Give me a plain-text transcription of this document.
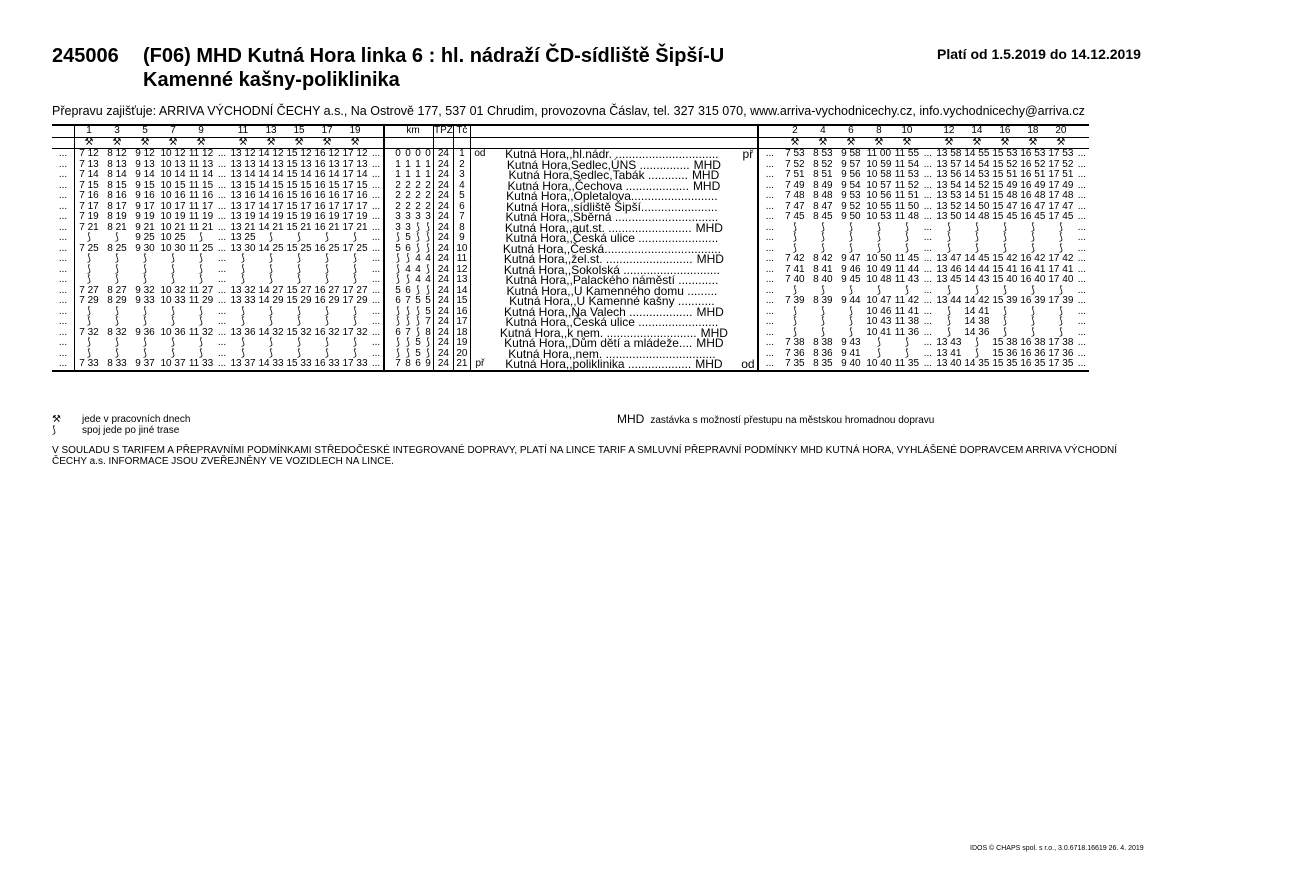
245006 (F06) MHD Kutná Hora linka 6 : hl. nádraží ČD-sídliště Šipší-U Kamenné kašny-poliklinika
Platí od 1.5.2019 do 14.12.2019
Přepravu zajišťuje: ARRIVA VÝCHODNÍ ČECHY a.s., Na Ostrově 177, 537 01 Chrudim, provozovna Čáslav, tel. 327 315 070, www.arriva-vychodnicechy.cz, info.vychodnicechy@arriva.cz
	1	3	5	7	9		11	13	15	17	19			km				TPZ	Tč					2	4	6	8	10		12	14	16	18	20	
	⚒	⚒	⚒	⚒	⚒		⚒	⚒	⚒	⚒	⚒													⚒	⚒	⚒	⚒	⚒		⚒	⚒	⚒	⚒	⚒	
...	7 12	8 12	9 12	10 12	11 12	...	13 12	14 12	15 12	16 12	17 12	...		0	0	0	0	24	1	od	Kutná Hora,,hl.nádr. ...............................	př	...	7 53	8 53	9 58	11 00	11 55	...	13 58	14 55	15 53	16 53	17 53	...
...	7 13	8 13	9 13	10 13	11 13	...	13 13	14 13	15 13	16 13	17 13	...		1	1	1	1	24	2		Kutná Hora,Sedlec,ÚNS ............... MHD		...	7 52	8 52	9 57	10 59	11 54	...	13 57	14 54	15 52	16 52	17 52	...
...	7 14	8 14	9 14	10 14	11 14	...	13 14	14 14	15 14	16 14	17 14	...		1	1	1	1	24	3		Kutná Hora,Sedlec,Tabák ............ MHD		...	7 51	8 51	9 56	10 58	11 53	...	13 56	14 53	15 51	16 51	17 51	...
...	7 15	8 15	9 15	10 15	11 15	...	13 15	14 15	15 15	16 15	17 15	...		2	2	2	2	24	4		Kutná Hora,,Čechova ................... MHD		...	7 49	8 49	9 54	10 57	11 52	...	13 54	14 52	15 49	16 49	17 49	...
...	7 16	8 16	9 16	10 16	11 16	...	13 16	14 16	15 16	16 16	17 16	...		2	2	2	2	24	5		Kutná Hora,,Opletalova..........................		...	7 48	8 48	9 53	10 56	11 51	...	13 53	14 51	15 48	16 48	17 48	...
...	7 17	8 17	9 17	10 17	11 17	...	13 17	14 17	15 17	16 17	17 17	...		2	2	2	2	24	6		Kutná Hora,,sídliště Šipší.......................		...	7 47	8 47	9 52	10 55	11 50	...	13 52	14 50	15 47	16 47	17 47	...
...	7 19	8 19	9 19	10 19	11 19	...	13 19	14 19	15 19	16 19	17 19	...		3	3	3	3	24	7		Kutná Hora,,Sběrná ...............................		...	7 45	8 45	9 50	10 53	11 48	...	13 50	14 48	15 45	16 45	17 45	...
...	7 21	8 21	9 21	10 21	11 21	...	13 21	14 21	15 21	16 21	17 21	...		3	3	⟆	⟆	24	8		Kutná Hora,,aut.st. ......................... MHD		...	⟆	⟆	⟆	⟆	⟆	...	⟆	⟆	⟆	⟆	⟆	...
...	⟆	⟆	9 25	10 25	⟆	...	13 25	⟆	⟆	⟆	⟆	...		⟆	5	⟆	⟆	24	9		Kutná Hora,,Česká ulice ........................		...	⟆	⟆	⟆	⟆	⟆	...	⟆	⟆	⟆	⟆	⟆	...
...	7 25	8 25	9 30	10 30	11 25	...	13 30	14 25	15 25	16 25	17 25	...		5	6	⟆	⟆	24	10		Kutná Hora,,Česká...................................		...	⟆	⟆	⟆	⟆	⟆	...	⟆	⟆	⟆	⟆	⟆	...
...	⟆	⟆	⟆	⟆	⟆	...	⟆	⟆	⟆	⟆	⟆	...		⟆	⟆	4	4	24	11		Kutná Hora,,žel.st. .......................... MHD		...	7 42	8 42	9 47	10 50	11 45	...	13 47	14 45	15 42	16 42	17 42	...
...	⟆	⟆	⟆	⟆	⟆	...	⟆	⟆	⟆	⟆	⟆	...		⟆	4	4	⟆	24	12		Kutná Hora,,Sokolská .............................		...	7 41	8 41	9 46	10 49	11 44	...	13 46	14 44	15 41	16 41	17 41	...
...	⟆	⟆	⟆	⟆	⟆	...	⟆	⟆	⟆	⟆	⟆	...		⟆	⟆	4	4	24	13		Kutná Hora,,Palackého náměstí ............		...	7 40	8 40	9 45	10 48	11 43	...	13 45	14 43	15 40	16 40	17 40	...
...	7 27	8 27	9 32	10 32	11 27	...	13 32	14 27	15 27	16 27	17 27	...		5	6	⟆	⟆	24	14		Kutná Hora,,U Kamenného domu .........		...	⟆	⟆	⟆	⟆	⟆	...	⟆	⟆	⟆	⟆	⟆	...
...	7 29	8 29	9 33	10 33	11 29	...	13 33	14 29	15 29	16 29	17 29	...		6	7	5	5	24	15		Kutná Hora,,U Kamenné kašny ...........		...	7 39	8 39	9 44	10 47	11 42	...	13 44	14 42	15 39	16 39	17 39	...
...	⟆	⟆	⟆	⟆	⟆	...	⟆	⟆	⟆	⟆	⟆	...		⟆	⟆	⟆	5	24	16		Kutná Hora,,Na Valech ................... MHD		...	⟆	⟆	⟆	10 46	11 41	...	⟆	14 41	⟆	⟆	⟆	...
...	⟆	⟆	⟆	⟆	⟆	...	⟆	⟆	⟆	⟆	⟆	...		⟆	⟆	⟆	7	24	17		Kutná Hora,,Česká ulice ........................		...	⟆	⟆	⟆	10 43	11 38	...	⟆	14 38	⟆	⟆	⟆	...
...	7 32	8 32	9 36	10 36	11 32	...	13 36	14 32	15 32	16 32	17 32	...		6	7	⟆	8	24	18		Kutná Hora,,k nem. ........................... MHD		...	⟆	⟆	⟆	10 41	11 36	...	⟆	14 36	⟆	⟆	⟆	...
...	⟆	⟆	⟆	⟆	⟆	...	⟆	⟆	⟆	⟆	⟆	...		⟆	⟆	5	⟆	24	19		Kutná Hora,,Dům dětí a mládeže.... MHD		...	7 38	8 38	9 43	⟆	⟆	...	13 43	⟆	15 38	16 38	17 38	...
...	⟆	⟆	⟆	⟆	⟆	...	⟆	⟆	⟆	⟆	⟆	...		⟆	⟆	5	⟆	24	20		Kutná Hora,,nem. .................................		...	7 36	8 36	9 41	⟆	⟆	...	13 41	⟆	15 36	16 36	17 36	...
...	7 33	8 33	9 37	10 37	11 33	...	13 37	14 33	15 33	16 33	17 33	...		7	8	6	9	24	21	př	Kutná Hora,,poliklinika ................... MHD	od	...	7 35	8 35	9 40	10 40	11 35	...	13 40	14 35	15 35	16 35	17 35	...
⚒ jede v pracovních dnech
⟆	spoj jede po jiné trase
MHD zastávka s možností přestupu na městskou hromadnou dopravu
V SOULADU S TARIFEM A PŘEPRAVNÍMI PODMÍNKAMI STŘEDOČESKÉ INTEGROVANÉ DOPRAVY, PLATÍ NA LINCE TARIF A SMLUVNÍ PŘEPRAVNÍ PODMÍNKY MHD KUTNÁ HORA, VYHLÁŠENÉ DOPRAVCEM ARRIVA VÝCHODNÍ ČECHY a.s. INFORMACE JSOU ZVEŘEJNĚNY VE VOZIDLECH NA LINCE.
IDOS © CHAPS spol. s r.o., 3.0.6718.16619 26. 4. 2019
